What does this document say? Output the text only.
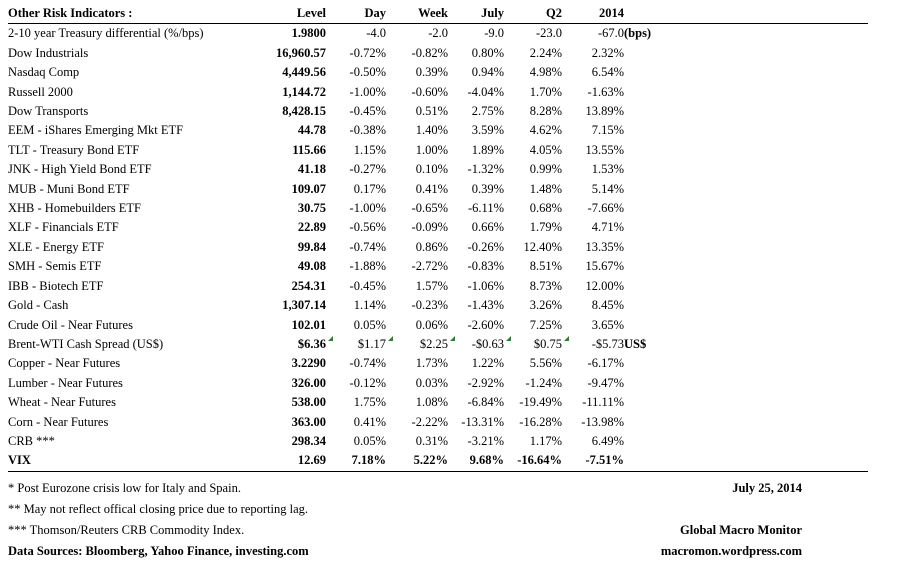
Other Risk Indicators :	Level	Day	Week	July	Q2	2014	
2-10 year Treasury differential (%/bps)	1.9800	-4.0	-2.0	-9.0	-23.0	-67.0	(bps)
Dow Industrials	16,960.57	-0.72%	-0.82%	0.80%	2.24%	2.32%	
Nasdaq Comp	4,449.56	-0.50%	0.39%	0.94%	4.98%	6.54%	
Russell 2000	1,144.72	-1.00%	-0.60%	-4.04%	1.70%	-1.63%	
Dow Transports	8,428.15	-0.45%	0.51%	2.75%	8.28%	13.89%	
EEM - iShares Emerging Mkt ETF	44.78	-0.38%	1.40%	3.59%	4.62%	7.15%	
TLT - Treasury Bond ETF	115.66	1.15%	1.00%	1.89%	4.05%	13.55%	
JNK - High Yield Bond ETF	41.18	-0.27%	0.10%	-1.32%	0.99%	1.53%	
MUB - Muni Bond ETF	109.07	0.17%	0.41%	0.39%	1.48%	5.14%	
XHB - Homebuilders ETF	30.75	-1.00%	-0.65%	-6.11%	0.68%	-7.66%	
XLF - Financials ETF	22.89	-0.56%	-0.09%	0.66%	1.79%	4.71%	
XLE - Energy ETF	99.84	-0.74%	0.86%	-0.26%	12.40%	13.35%	
SMH - Semis ETF	49.08	-1.88%	-2.72%	-0.83%	8.51%	15.67%	
IBB - Biotech ETF	254.31	-0.45%	1.57%	-1.06%	8.73%	12.00%	
Gold - Cash	1,307.14	1.14%	-0.23%	-1.43%	3.26%	8.45%	
Crude Oil - Near Futures	102.01	0.05%	0.06%	-2.60%	7.25%	3.65%	
Brent-WTI Cash Spread (US$)	$6.36	$1.17	$2.25	-$0.63	$0.75	-$5.73	US$
Copper - Near Futures	3.2290	-0.74%	1.73%	1.22%	5.56%	-6.17%	
Lumber - Near Futures	326.00	-0.12%	0.03%	-2.92%	-1.24%	-9.47%	
Wheat - Near Futures	538.00	1.75%	1.08%	-6.84%	-19.49%	-11.11%	
Corn - Near Futures	363.00	0.41%	-2.22%	-13.31%	-16.28%	-13.98%	
CRB ***	298.34	0.05%	0.31%	-3.21%	1.17%	6.49%	
VIX	12.69	7.18%	5.22%	9.68%	-16.64%	-7.51%	
* Post Eurozone crisis low for Italy and Spain.
** May not reflect offical closing price due to reporting lag.
*** Thomson/Reuters CRB Commodity Index.
Data Sources: Bloomberg, Yahoo Finance, investing.com
July 25, 2014

Global Macro Monitor
macromon.wordpress.com
